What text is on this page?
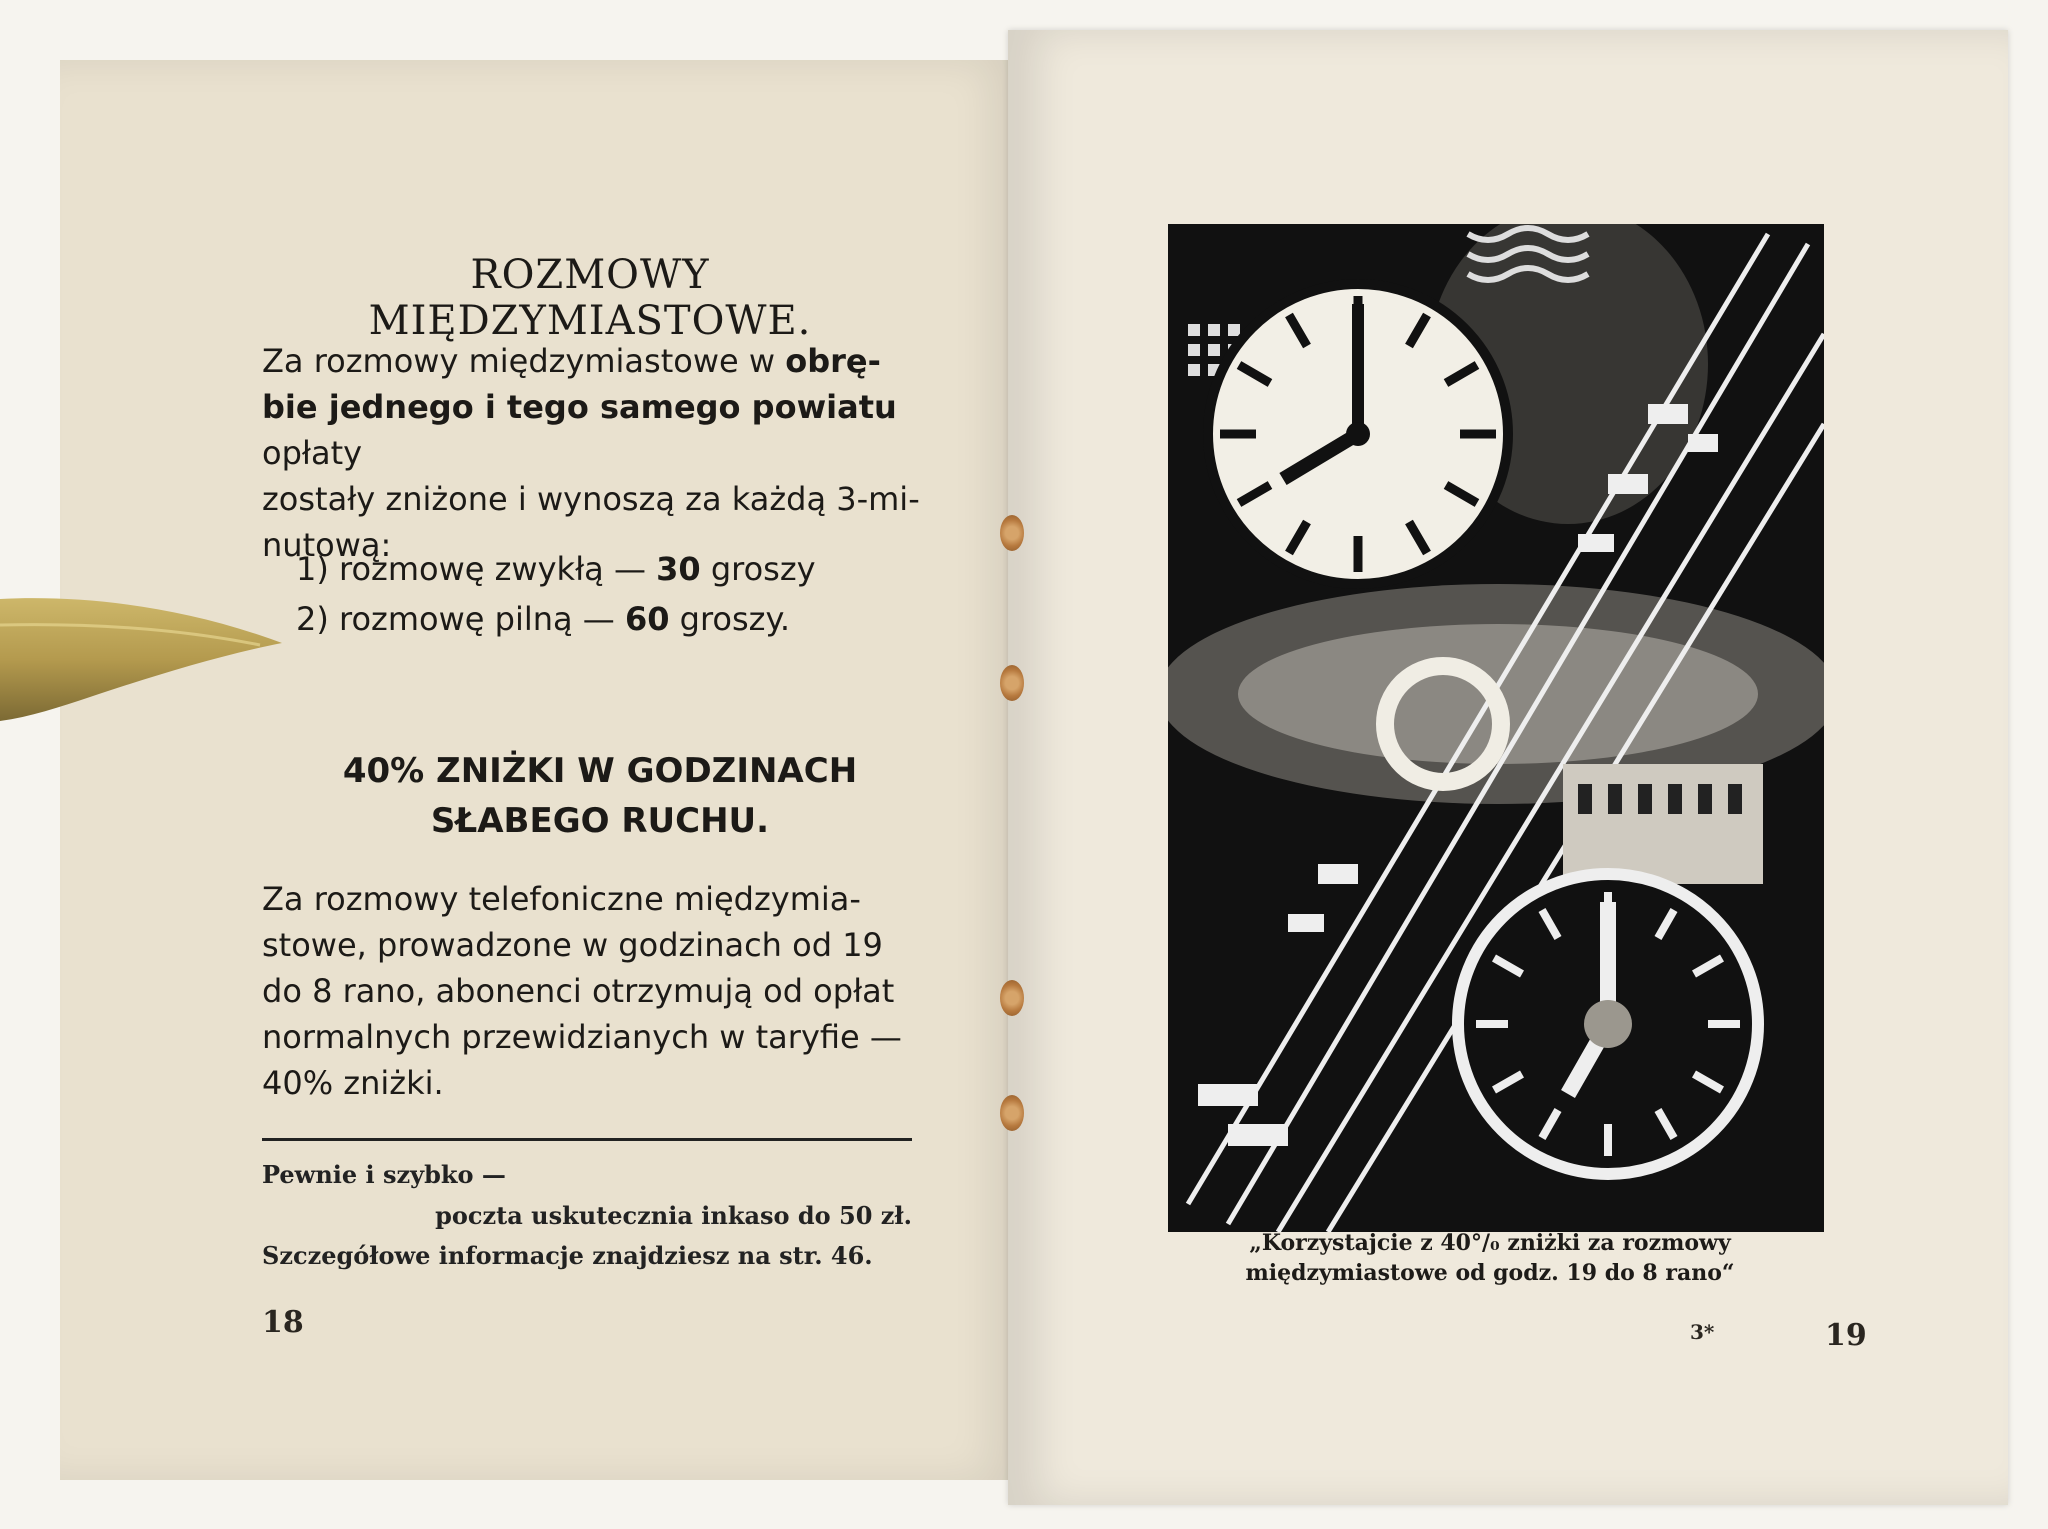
ROZMOWY MIĘDZYMIASTOWE.
Za rozmowy międzymiastowe w obrę-
bie jednego i tego samego powiatu opłaty
zostały zniżone i wynoszą za każdą 3-mi-
nutową:
1) rozmowę zwykłą — 30 groszy
2) rozmowę pilną — 60 groszy.
40% ZNIŻKI W GODZINACH
SŁABEGO RUCHU.
Za rozmowy telefoniczne międzymia-
stowe, prowadzone w godzinach od 19
do 8 rano, abonenci otrzymują od opłat
normalnych przewidzianych w taryfie —
40% zniżki.
Pewnie i szybko —
poczta uskutecznia inkaso do 50 zł.
Szczegółowe informacje znajdziesz na str. 46.
18
„Korzystajcie z 40°/₀ zniżki za rozmowy
międzymiastowe od godz. 19 do 8 rano“
3*	19
